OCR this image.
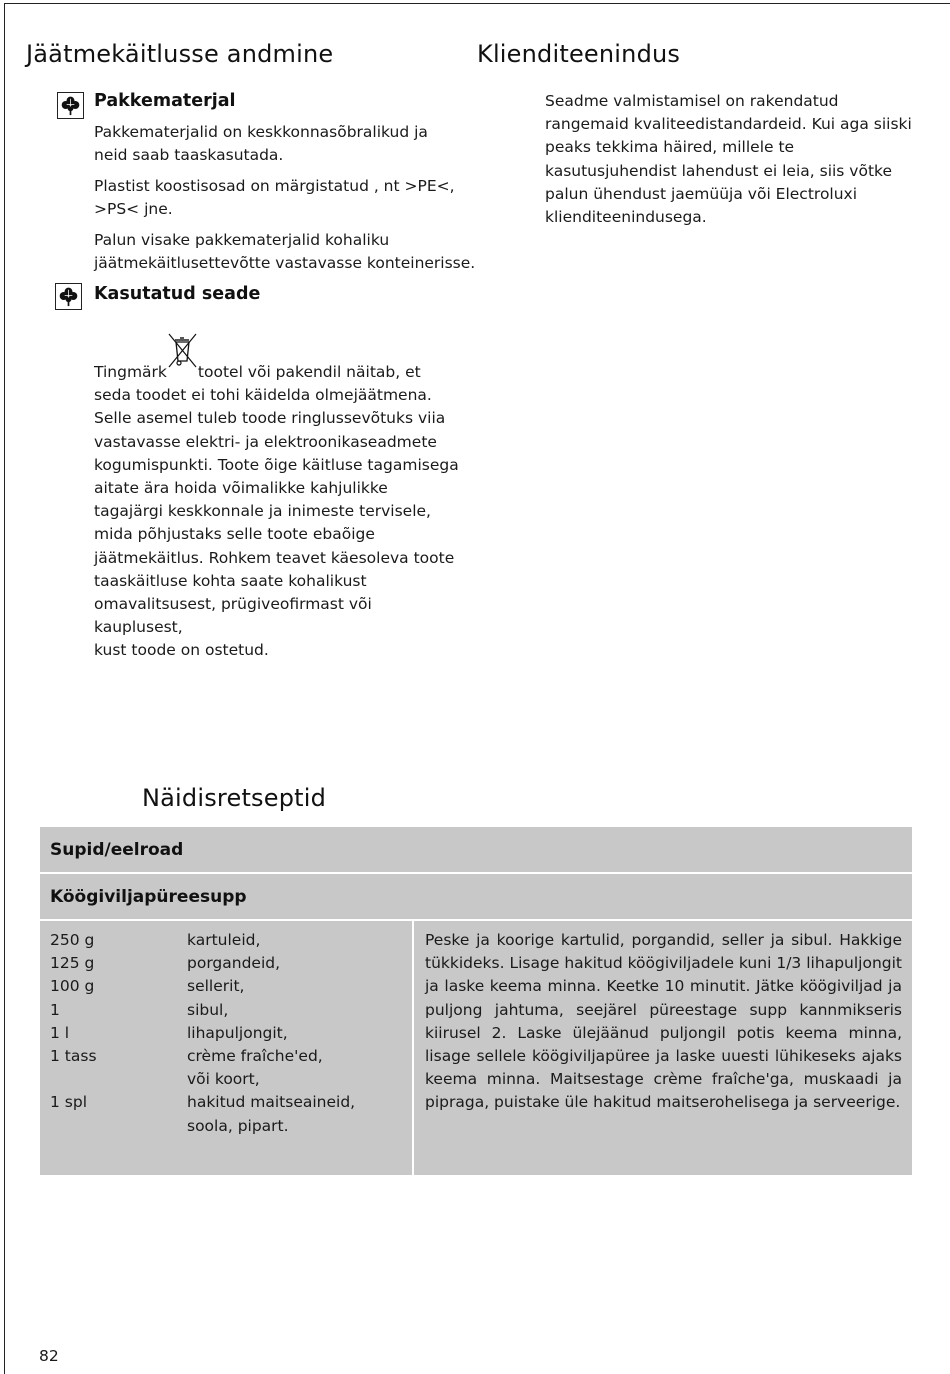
Jäätmekäitlusse andmine
Pakkematerjal

Pakkematerjalid on keskkonnasõbralikud ja
neid saab taaskasutada.

Plastist koostisosad on märgistatud , nt >PE<,
>PS< jne.

Palun visake pakkematerjalid kohaliku
jäätmekäitlusettevõtte vastavasse konteinerisse.

Kasutatud seade

Tingmärk tootel või pakendil näitab, et
seda toodet ei tohi käidelda olmejäätmena.
Selle asemel tuleb toode ringlussevõtuks viia
vastavasse elektri- ja elektroonikaseadmete
kogumispunkti. Toote õige käitluse tagamisega
aitate ära hoida võimalikke kahjulikke
tagajärgi keskkonnale ja inimeste tervisele,
mida põhjustaks selle toote ebaõige
jäätmekäitlus. Rohkem teavet käesoleva toote
taaskäitluse kohta saate kohalikust
omavalitsusest, prügiveofirmast või kauplusest,
kust toode on ostetud.

Klienditeenindus

Seadme valmistamisel on rakendatud
rangemaid kvaliteedistandardeid. Kui aga siiski
peaks tekkima häired, millele te
kasutusjuhendist lahendust ei leia, siis võtke
palun ühendust jaemüüja või Electroluxi
klienditeenindusega.

Näidisretseptid
Supid/eelroad
Köögiviljapüreesupp
250 g	kartuleid,
125 g	porgandeid,
100 g	sellerit,
1	sibul,
1 l	lihapuljongit,
1 tass	crème fraîche'ed,
või koort,
1 spl	hakitud maitseaineid,
soola, pipart.
Peske ja koorige kartulid, porgandid, seller ja sibul. Hakkige tükkideks. Lisage hakitud köögiviljadele kuni 1/3 lihapuljongit ja laske keema minna. Keetke 10 minutit. Jätke köögiviljad ja puljong jahtuma, seejärel püreestage supp kannmikseris kiirusel 2. Laske ülejäänud puljongil potis keema minna, lisage sellele köögiviljapüree ja laske uuesti lühikeseks ajaks keema minna. Maitsestage crème fraîche'ga, muskaadi ja pipraga, puistake üle hakitud maitserohelisega ja serveerige.
82
